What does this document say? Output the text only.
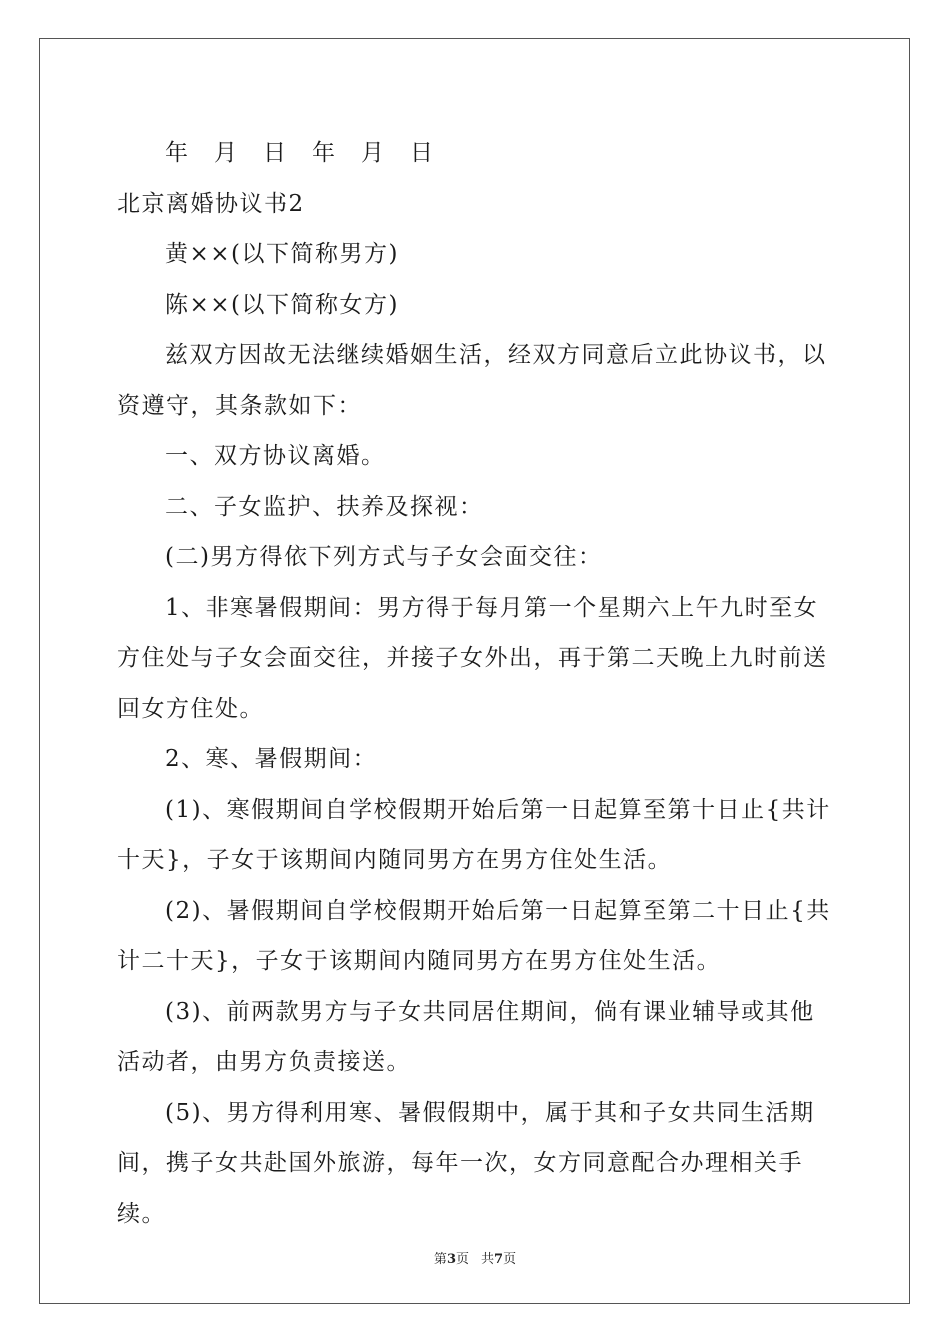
年　月　日　年　月　日

北京离婚协议书2

黄××(以下简称男方)

陈××(以下简称女方)

兹双方因故无法继续婚姻生活，经双方同意后立此协议书，以资遵守，其条款如下：

一、双方协议离婚。

二、子女监护、扶养及探视：

(二)男方得依下列方式与子女会面交往：

1、非寒暑假期间：男方得于每月第一个星期六上午九时至女方住处与子女会面交往，并接子女外出，再于第二天晚上九时前送回女方住处。

2、寒、暑假期间：

(1)、寒假期间自学校假期开始后第一日起算至第十日止{共计十天}，子女于该期间内随同男方在男方住处生活。

(2)、暑假期间自学校假期开始后第一日起算至第二十日止{共计二十天}，子女于该期间内随同男方在男方住处生活。

(3)、前两款男方与子女共同居住期间，倘有课业辅导或其他活动者，由男方负责接送。

(5)、男方得利用寒、暑假假期中，属于其和子女共同生活期间，携子女共赴国外旅游，每年一次，女方同意配合办理相关手续。

第3页 共7页
